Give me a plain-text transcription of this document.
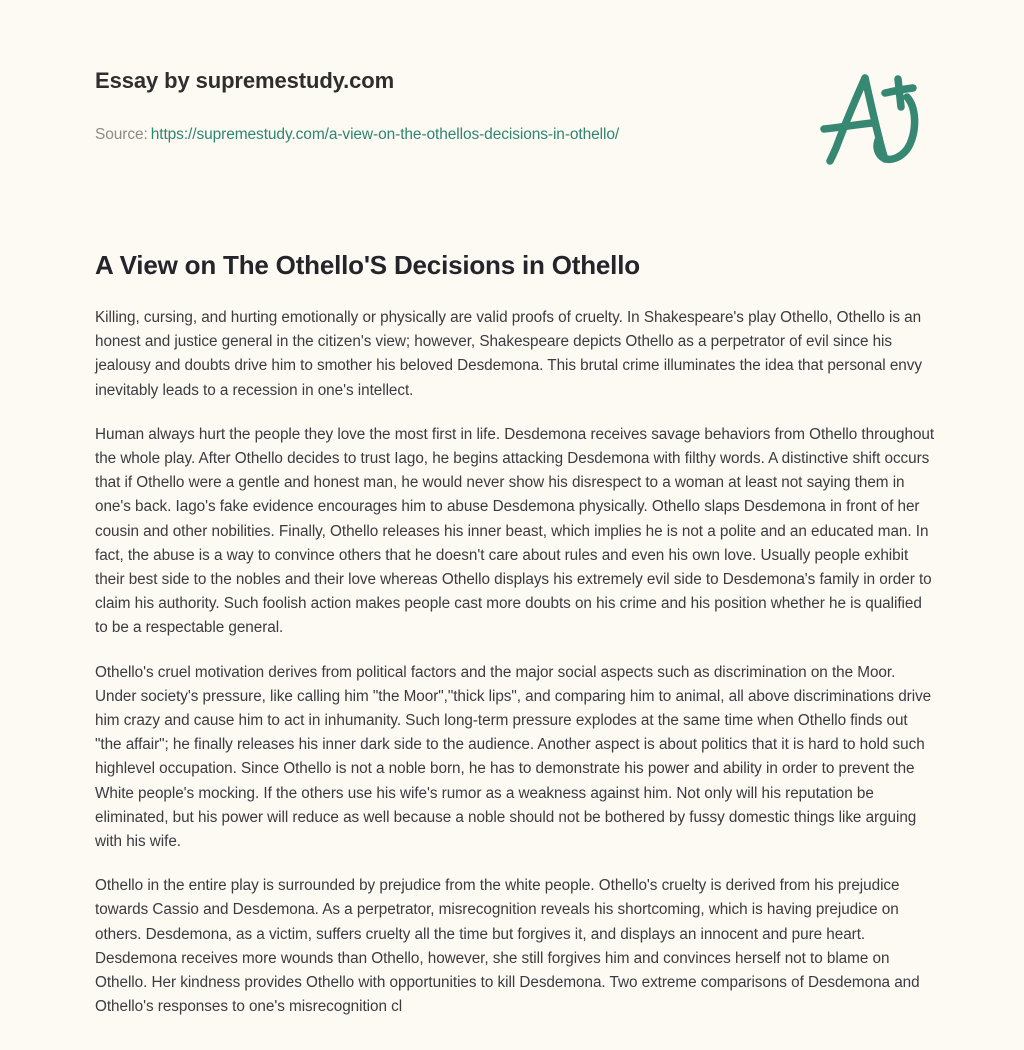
Essay by supremestudy.com
Source: https://supremestudy.com/a-view-on-the-othellos-decisions-in-othello/
A View on The Othello'S Decisions in Othello

Killing, cursing, and hurting emotionally or physically are valid proofs of cruelty. In Shakespeare's play Othello, Othello is an honest and justice general in the citizen's view; however, Shakespeare depicts Othello as a perpetrator of evil since his jealousy and doubts drive him to smother his beloved Desdemona. This brutal crime illuminates the idea that personal envy inevitably leads to a recession in one's intellect.

Human always hurt the people they love the most first in life. Desdemona receives savage behaviors from Othello throughout the whole play. After Othello decides to trust Iago, he begins attacking Desdemona with filthy words. A distinctive shift occurs that if Othello were a gentle and honest man, he would never show his disrespect to a woman at least not saying them in one's back. Iago's fake evidence encourages him to abuse Desdemona physically. Othello slaps Desdemona in front of her cousin and other nobilities. Finally, Othello releases his inner beast, which implies he is not a polite and an educated man. In fact, the abuse is a way to convince others that he doesn't care about rules and even his own love. Usually people exhibit their best side to the nobles and their love whereas Othello displays his extremely evil side to Desdemona's family in order to claim his authority. Such foolish action makes people cast more doubts on his crime and his position whether he is qualified to be a respectable general.

Othello's cruel motivation derives from political factors and the major social aspects such as discrimination on the Moor. Under society's pressure, like calling him "the Moor","thick lips", and comparing him to animal, all above discriminations drive him crazy and cause him to act in inhumanity. Such long-term pressure explodes at the same time when Othello finds out "the affair"; he finally releases his inner dark side to the audience. Another aspect is about politics that it is hard to hold such highlevel occupation. Since Othello is not a noble born, he has to demonstrate his power and ability in order to prevent the White people's mocking. If the others use his wife's rumor as a weakness against him. Not only will his reputation be eliminated, but his power will reduce as well because a noble should not be bothered by fussy domestic things like arguing with his wife.

Othello in the entire play is surrounded by prejudice from the white people. Othello's cruelty is derived from his prejudice towards Cassio and Desdemona. As a perpetrator, misrecognition reveals his shortcoming, which is having prejudice on others. Desdemona, as a victim, suffers cruelty all the time but forgives it, and displays an innocent and pure heart. Desdemona receives more wounds than Othello, however, she still forgives him and convinces herself not to blame on Othello. Her kindness provides Othello with opportunities to kill Desdemona. Two extreme comparisons of Desdemona and Othello's responses to one's misrecognition cl
